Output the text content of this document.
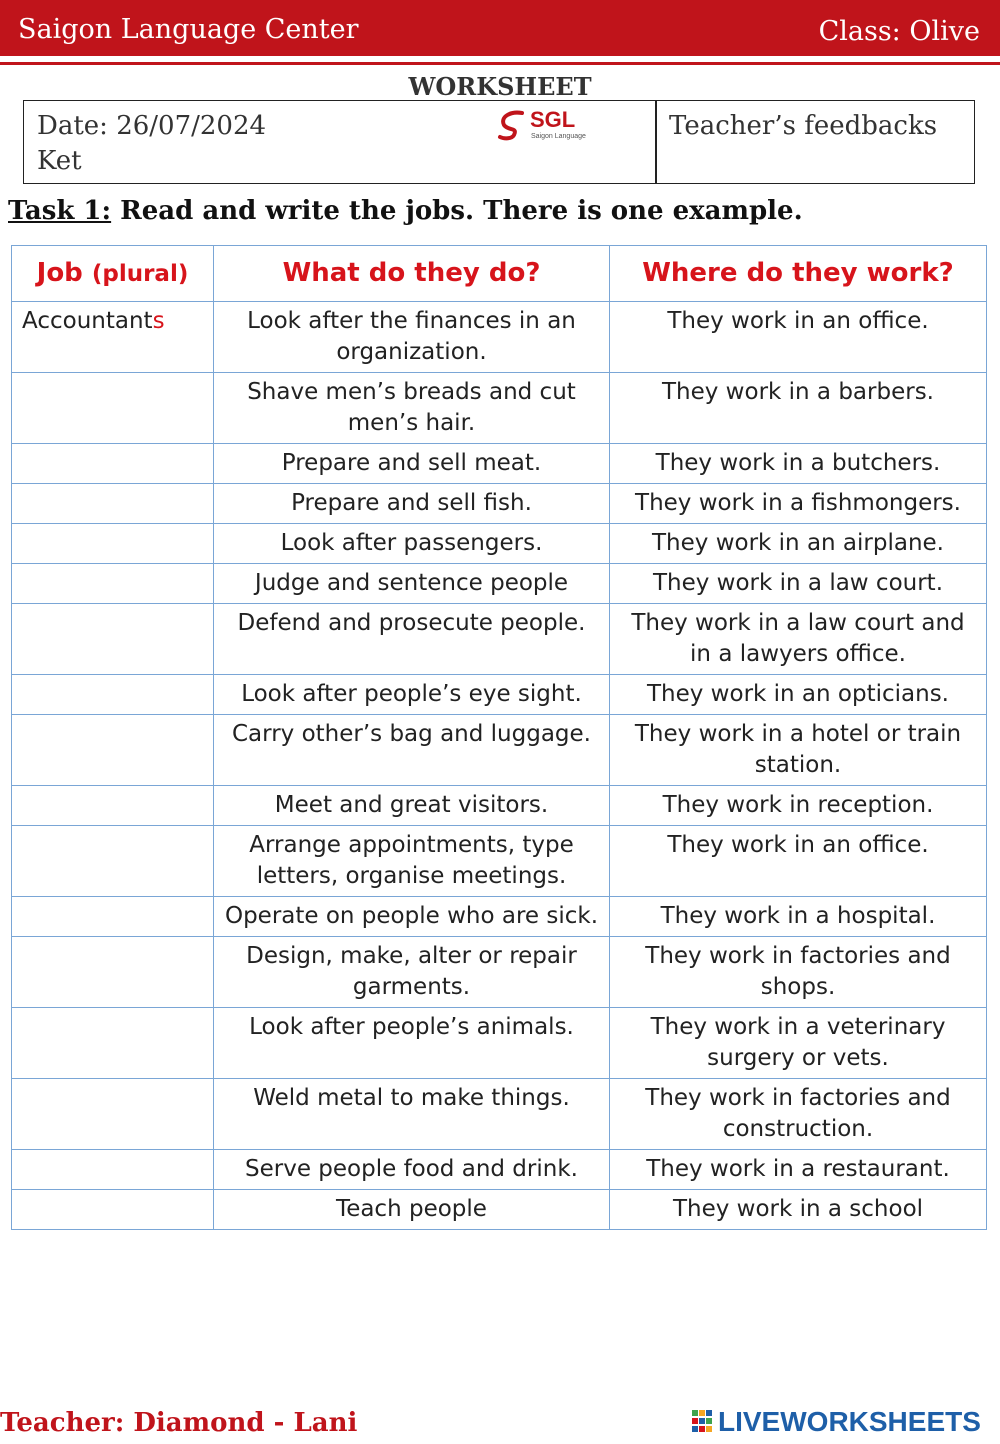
Saigon Language Center	Class: Olive
WORKSHEET
Date: 26/07/2024
Ket
SGL
Saigon Language	Teacher’s feedbacks
Task 1: Read and write the jobs. There is one example.
Job (plural)	What do they do?	Where do they work?
Accountants	Look after the finances in an organization.	They work in an office.
	Shave men’s breads and cut men’s hair.	They work in a barbers.
	Prepare and sell meat.	They work in a butchers.
	Prepare and sell fish.	They work in a fishmongers.
	Look after passengers.	They work in an airplane.
	Judge and sentence people	They work in a law court.
	Defend and prosecute people.	They work in a law court and in a lawyers office.
	Look after people’s eye sight.	They work in an opticians.
	Carry other’s bag and luggage.	They work in a hotel or train station.
	Meet and great visitors.	They work in reception.
	Arrange appointments, type letters, organise meetings.	They work in an office.
	Operate on people who are sick.	They work in a hospital.
	Design, make, alter or repair garments.	They work in factories and shops.
	Look after people’s animals.	They work in a veterinary surgery or vets.
	Weld metal to make things.	They work in factories and construction.
	Serve people food and drink.	They work in a restaurant.
	Teach people	They work in a school
Teacher: Diamond - Lani	LIVEWORKSHEETS
